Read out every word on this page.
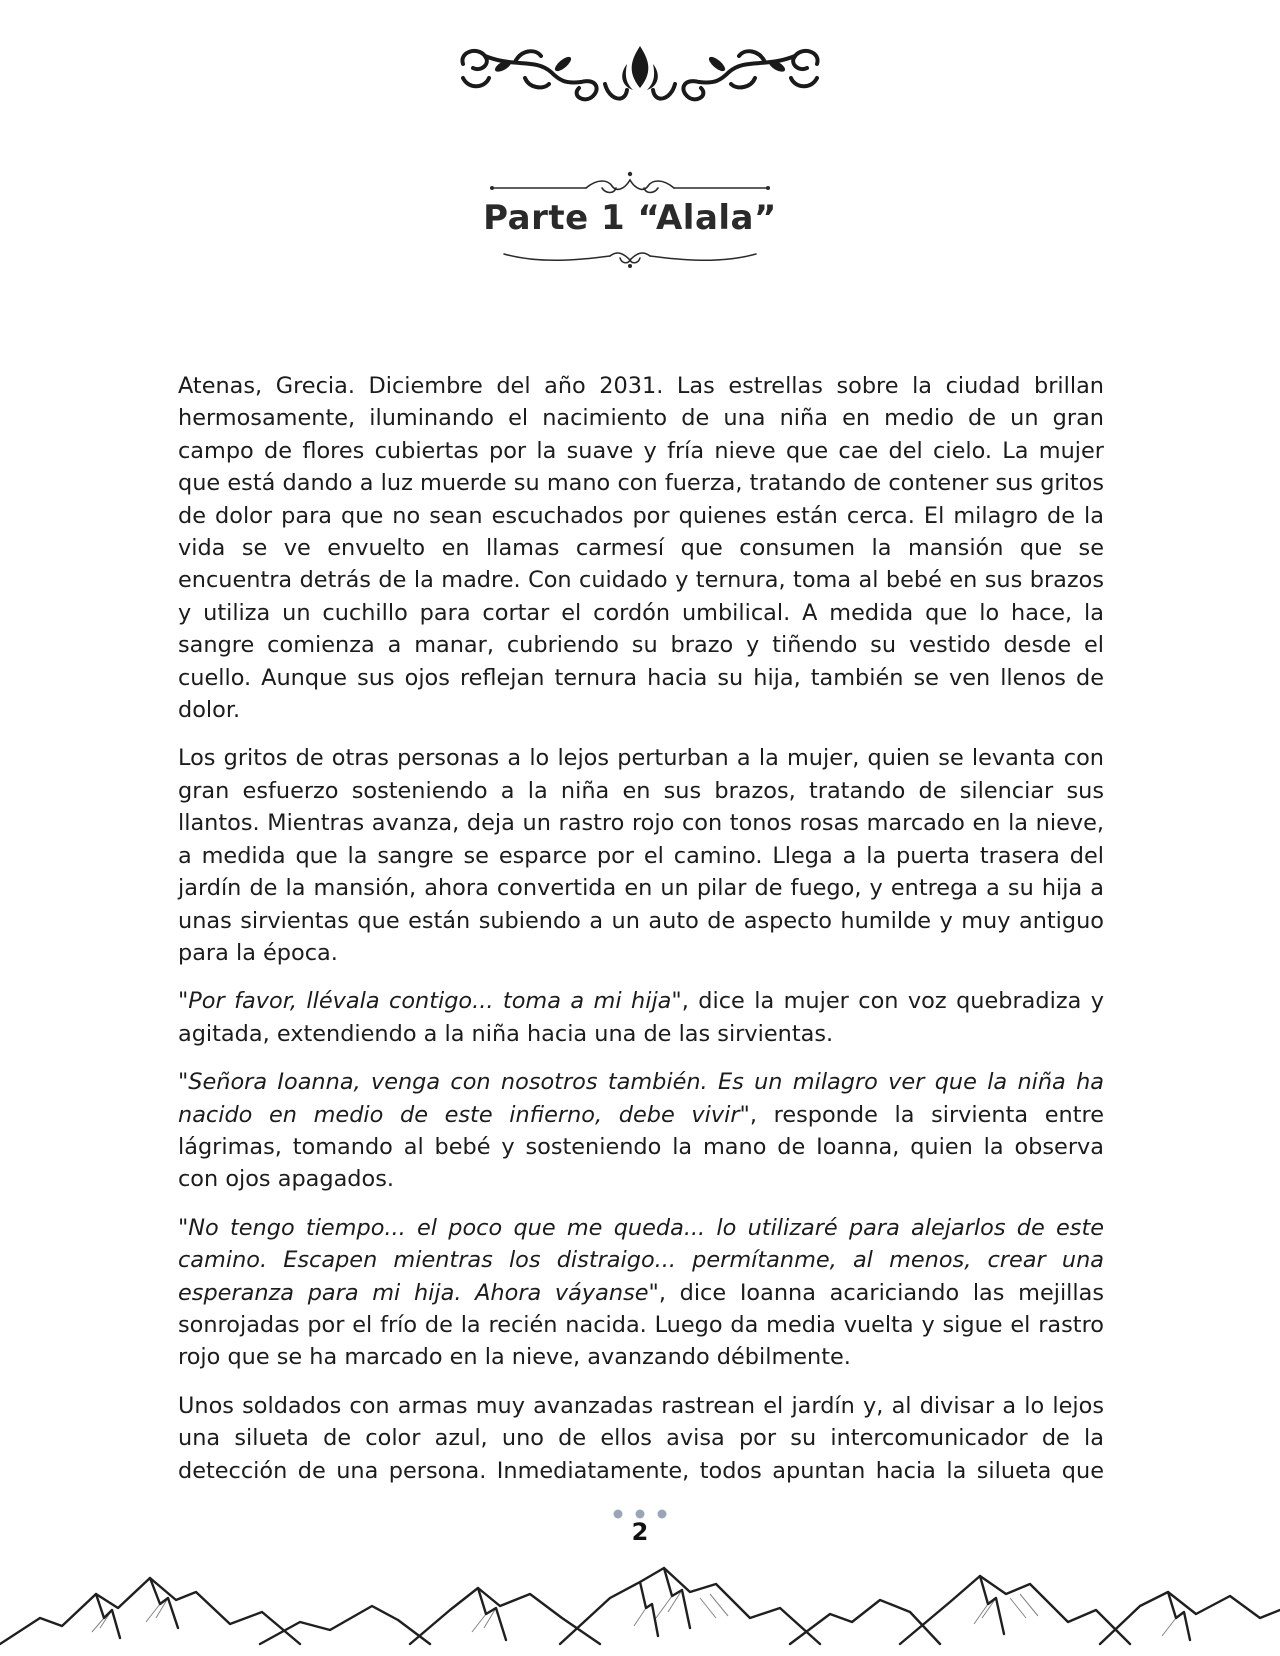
Parte 1 “Alala”

Atenas, Grecia. Diciembre del año 2031. Las estrellas sobre la ciudad brillan hermosamente, iluminando el nacimiento de una niña en medio de un gran campo de flores cubiertas por la suave y fría nieve que cae del cielo. La mujer que está dando a luz muerde su mano con fuerza, tratando de contener sus gritos de dolor para que no sean escuchados por quienes están cerca. El milagro de la vida se ve envuelto en llamas carmesí que consumen la mansión que se encuentra detrás de la madre. Con cuidado y ternura, toma al bebé en sus brazos y utiliza un cuchillo para cortar el cordón umbilical. A medida que lo hace, la sangre comienza a manar, cubriendo su brazo y tiñendo su vestido desde el cuello. Aunque sus ojos reflejan ternura hacia su hija, también se ven llenos de dolor.

Los gritos de otras personas a lo lejos perturban a la mujer, quien se levanta con gran esfuerzo sosteniendo a la niña en sus brazos, tratando de silenciar sus llantos. Mientras avanza, deja un rastro rojo con tonos rosas marcado en la nieve, a medida que la sangre se esparce por el camino. Llega a la puerta trasera del jardín de la mansión, ahora convertida en un pilar de fuego, y entrega a su hija a unas sirvientas que están subiendo a un auto de aspecto humilde y muy antiguo para la época.

"Por favor, llévala contigo... toma a mi hija", dice la mujer con voz quebradiza y agitada, extendiendo a la niña hacia una de las sirvientas.

"Señora Ioanna, venga con nosotros también. Es un milagro ver que la niña ha nacido en medio de este infierno, debe vivir", responde la sirvienta entre lágrimas, tomando al bebé y sosteniendo la mano de Ioanna, quien la observa con ojos apagados.

"No tengo tiempo... el poco que me queda... lo utilizaré para alejarlos de este camino. Escapen mientras los distraigo... permítanme, al menos, crear una esperanza para mi hija. Ahora váyanse", dice Ioanna acariciando las mejillas sonrojadas por el frío de la recién nacida. Luego da media vuelta y sigue el rastro rojo que se ha marcado en la nieve, avanzando débilmente.

Unos soldados con armas muy avanzadas rastrean el jardín y, al divisar a lo lejos una silueta de color azul, uno de ellos avisa por su intercomunicador de la detección de una persona. Inmediatamente, todos apuntan hacia la silueta que

2
